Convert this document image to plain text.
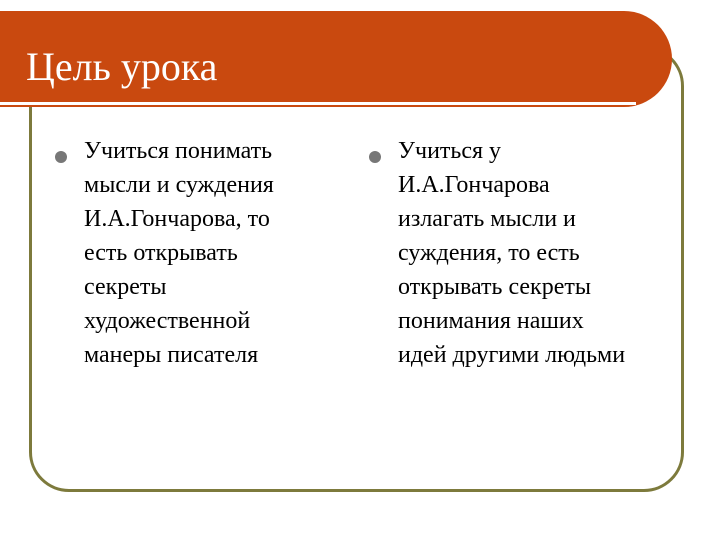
Цель урока
Учиться понимать
мысли и суждения
И.А.Гончарова, то
есть открывать
секреты
художественной
манеры писателя
Учиться у
И.А.Гончарова
излагать мысли и
суждения, то есть
открывать секреты
понимания наших
идей другими людьми
